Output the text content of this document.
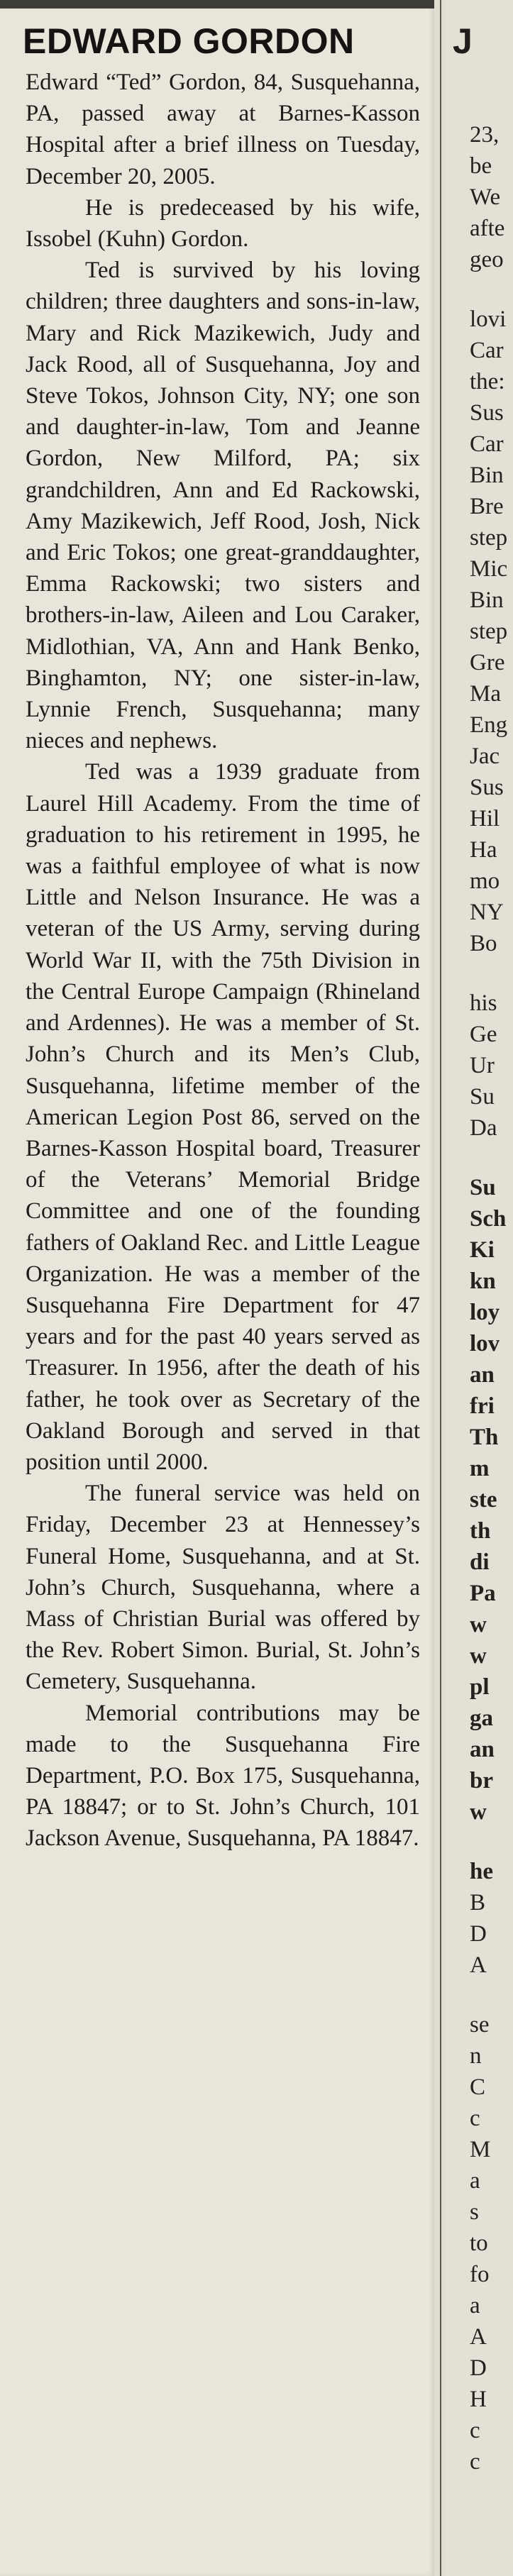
EDWARD GORDON

Edward “Ted” Gordon, 84, Susquehanna, PA, passed away at Barnes-Kasson Hospital after a brief illness on Tuesday, December 20, 2005.

He is predeceased by his wife, Issobel (Kuhn) Gordon.

Ted is survived by his loving children; three daughters and sons-in-law, Mary and Rick Mazikewich, Judy and Jack Rood, all of Susquehanna, Joy and Steve Tokos, Johnson City, NY; one son and daughter-in-law, Tom and Jeanne Gordon, New Milford, PA; six grandchildren, Ann and Ed Rackowski, Amy Mazikewich, Jeff Rood, Josh, Nick and Eric Tokos; one great-granddaughter, Emma Rackowski; two sisters and brothers-in-law, Aileen and Lou Caraker, Midlothian, VA, Ann and Hank Benko, Binghamton, NY; one sister-in-law, Lynnie French, Susquehanna; many nieces and nephews.

Ted was a 1939 graduate from Laurel Hill Academy. From the time of graduation to his retirement in 1995, he was a faithful employee of what is now Little and Nelson Insurance. He was a veteran of the US Army, serving during World War II, with the 75th Division in the Central Europe Campaign (Rhineland and Ardennes). He was a member of St. John’s Church and its Men’s Club, Susquehanna, lifetime member of the American Legion Post 86, served on the Barnes-Kasson Hospital board, Treasurer of the Veterans’ Memorial Bridge Committee and one of the founding fathers of Oakland Rec. and Little League Organization. He was a member of the Susquehanna Fire Department for 47 years and for the past 40 years served as Treasurer. In 1956, after the death of his father, he took over as Secretary of the Oakland Borough and served in that position until 2000.

The funeral service was held on Friday, December 23 at Hennessey’s Funeral Home, Susquehanna, and at St. John’s Church, Susquehanna, where a Mass of Christian Burial was offered by the Rev. Robert Simon. Burial, St. John’s Cemetery, Susquehanna.

Memorial contributions may be made to the Susquehanna Fire Department, P.O. Box 175, Susquehanna, PA 18847; or to St. John’s Church, 101 Jackson Avenue, Susquehanna, PA 18847.

J
23,
be
We
afte
geo
lovi
Car
the:
Sus
Car
Bin
Bre
step
Mic
Bin
step
Gre
Ma
Eng
Jac
Sus
Hil
Ha
mo
NY
Bo
his
Ge
Ur
Su
Da
Su
Sch
Ki
kn
loy
lov
an
fri
Th
m
ste
th
di
Pa
w
w
pl
ga
an
br
w
he
B
D
A
se
n
C
c
M
a
s
to
fo
a
A
D
H
c
c
